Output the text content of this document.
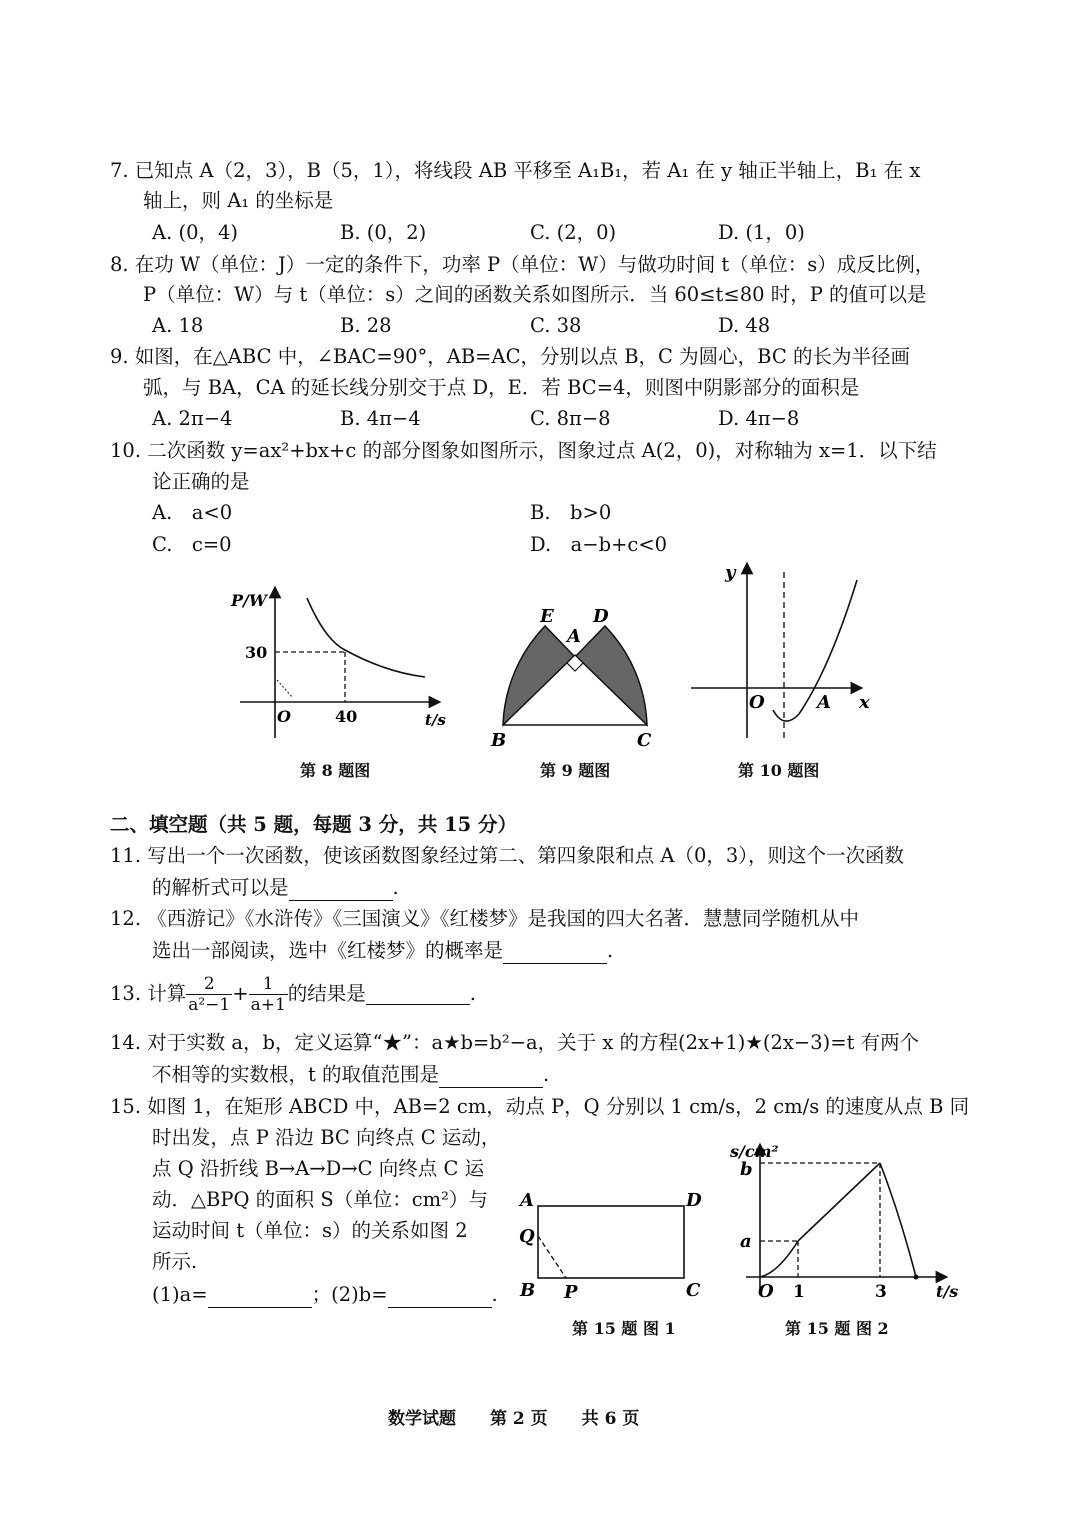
7. 已知点 A（2，3），B（5，1），将线段 AB 平移至 A₁B₁，若 A₁ 在 y 轴正半轴上，B₁ 在 x
轴上，则 A₁ 的坐标是
A. (0，4)	B. (0，2)	C. (2，0)	D. (1，0)
8. 在功 W（单位：J）一定的条件下，功率 P（单位：W）与做功时间 t（单位：s）成反比例，
P（单位：W）与 t（单位：s）之间的函数关系如图所示．当 60≤t≤80 时，P 的值可以是
A. 18	B. 28	C. 38	D. 48
9. 如图，在△ABC 中，∠BAC=90°，AB=AC，分别以点 B，C 为圆心，BC 的长为半径画
弧，与 BA，CA 的延长线分别交于点 D，E．若 BC=4，则图中阴影部分的面积是
A. 2π−4	B. 4π−4	C. 8π−8	D. 4π−8
10. 二次函数 y=ax²+bx+c 的部分图象如图所示，图象过点 A(2，0)，对称轴为 x=1．以下结
论正确的是
A.　a<0	B.　b>0
C.　c=0	D.　a−b+c<0
P/W
30
O	40	t/s
第 8 题图
E
A
D
B	C
第 9 题图
y
x
O	A
第 10 题图
二、填空题（共 5 题，每题 3 分，共 15 分）
11. 写出一个一次函数，使该函数图象经过第二、第四象限和点 A（0，3），则这个一次函数
的解析式可以是	.
12. 《西游记》《水浒传》《三国演义》《红楼梦》是我国的四大名著．慧慧同学随机从中
选出一部阅读，选中《红楼梦》的概率是	.
13. 计算 $\frac{2}{\text{a²−1}} + \frac{1}{a+1}$ 的结果是	.
14. 对于实数 a，b，定义运算“★”：a★b=b²−a，关于 x 的方程(2x+1)★(2x−3)=t 有两个
不相等的实数根，t 的取值范围是	.
15. 如图 1，在矩形 ABCD 中，AB=2 cm，动点 P，Q 分别以 1 cm/s，2 cm/s 的速度从点 B 同
时出发，点 P 沿边 BC 向终点 C 运动，
点 Q 沿折线 B→A→D→C 向终点 C 运
动．△BPQ 的面积 S（单位：cm²）与
运动时间 t（单位：s）的关系如图 2
所示.
(1)a=	；(2)b=	.
A	D
Q
B P	C
第 15 题 图 1
s/cm²
b
a
O 1	3	t/s
第 15 题 图 2
数学试题　　第 2 页　　共 6 页
